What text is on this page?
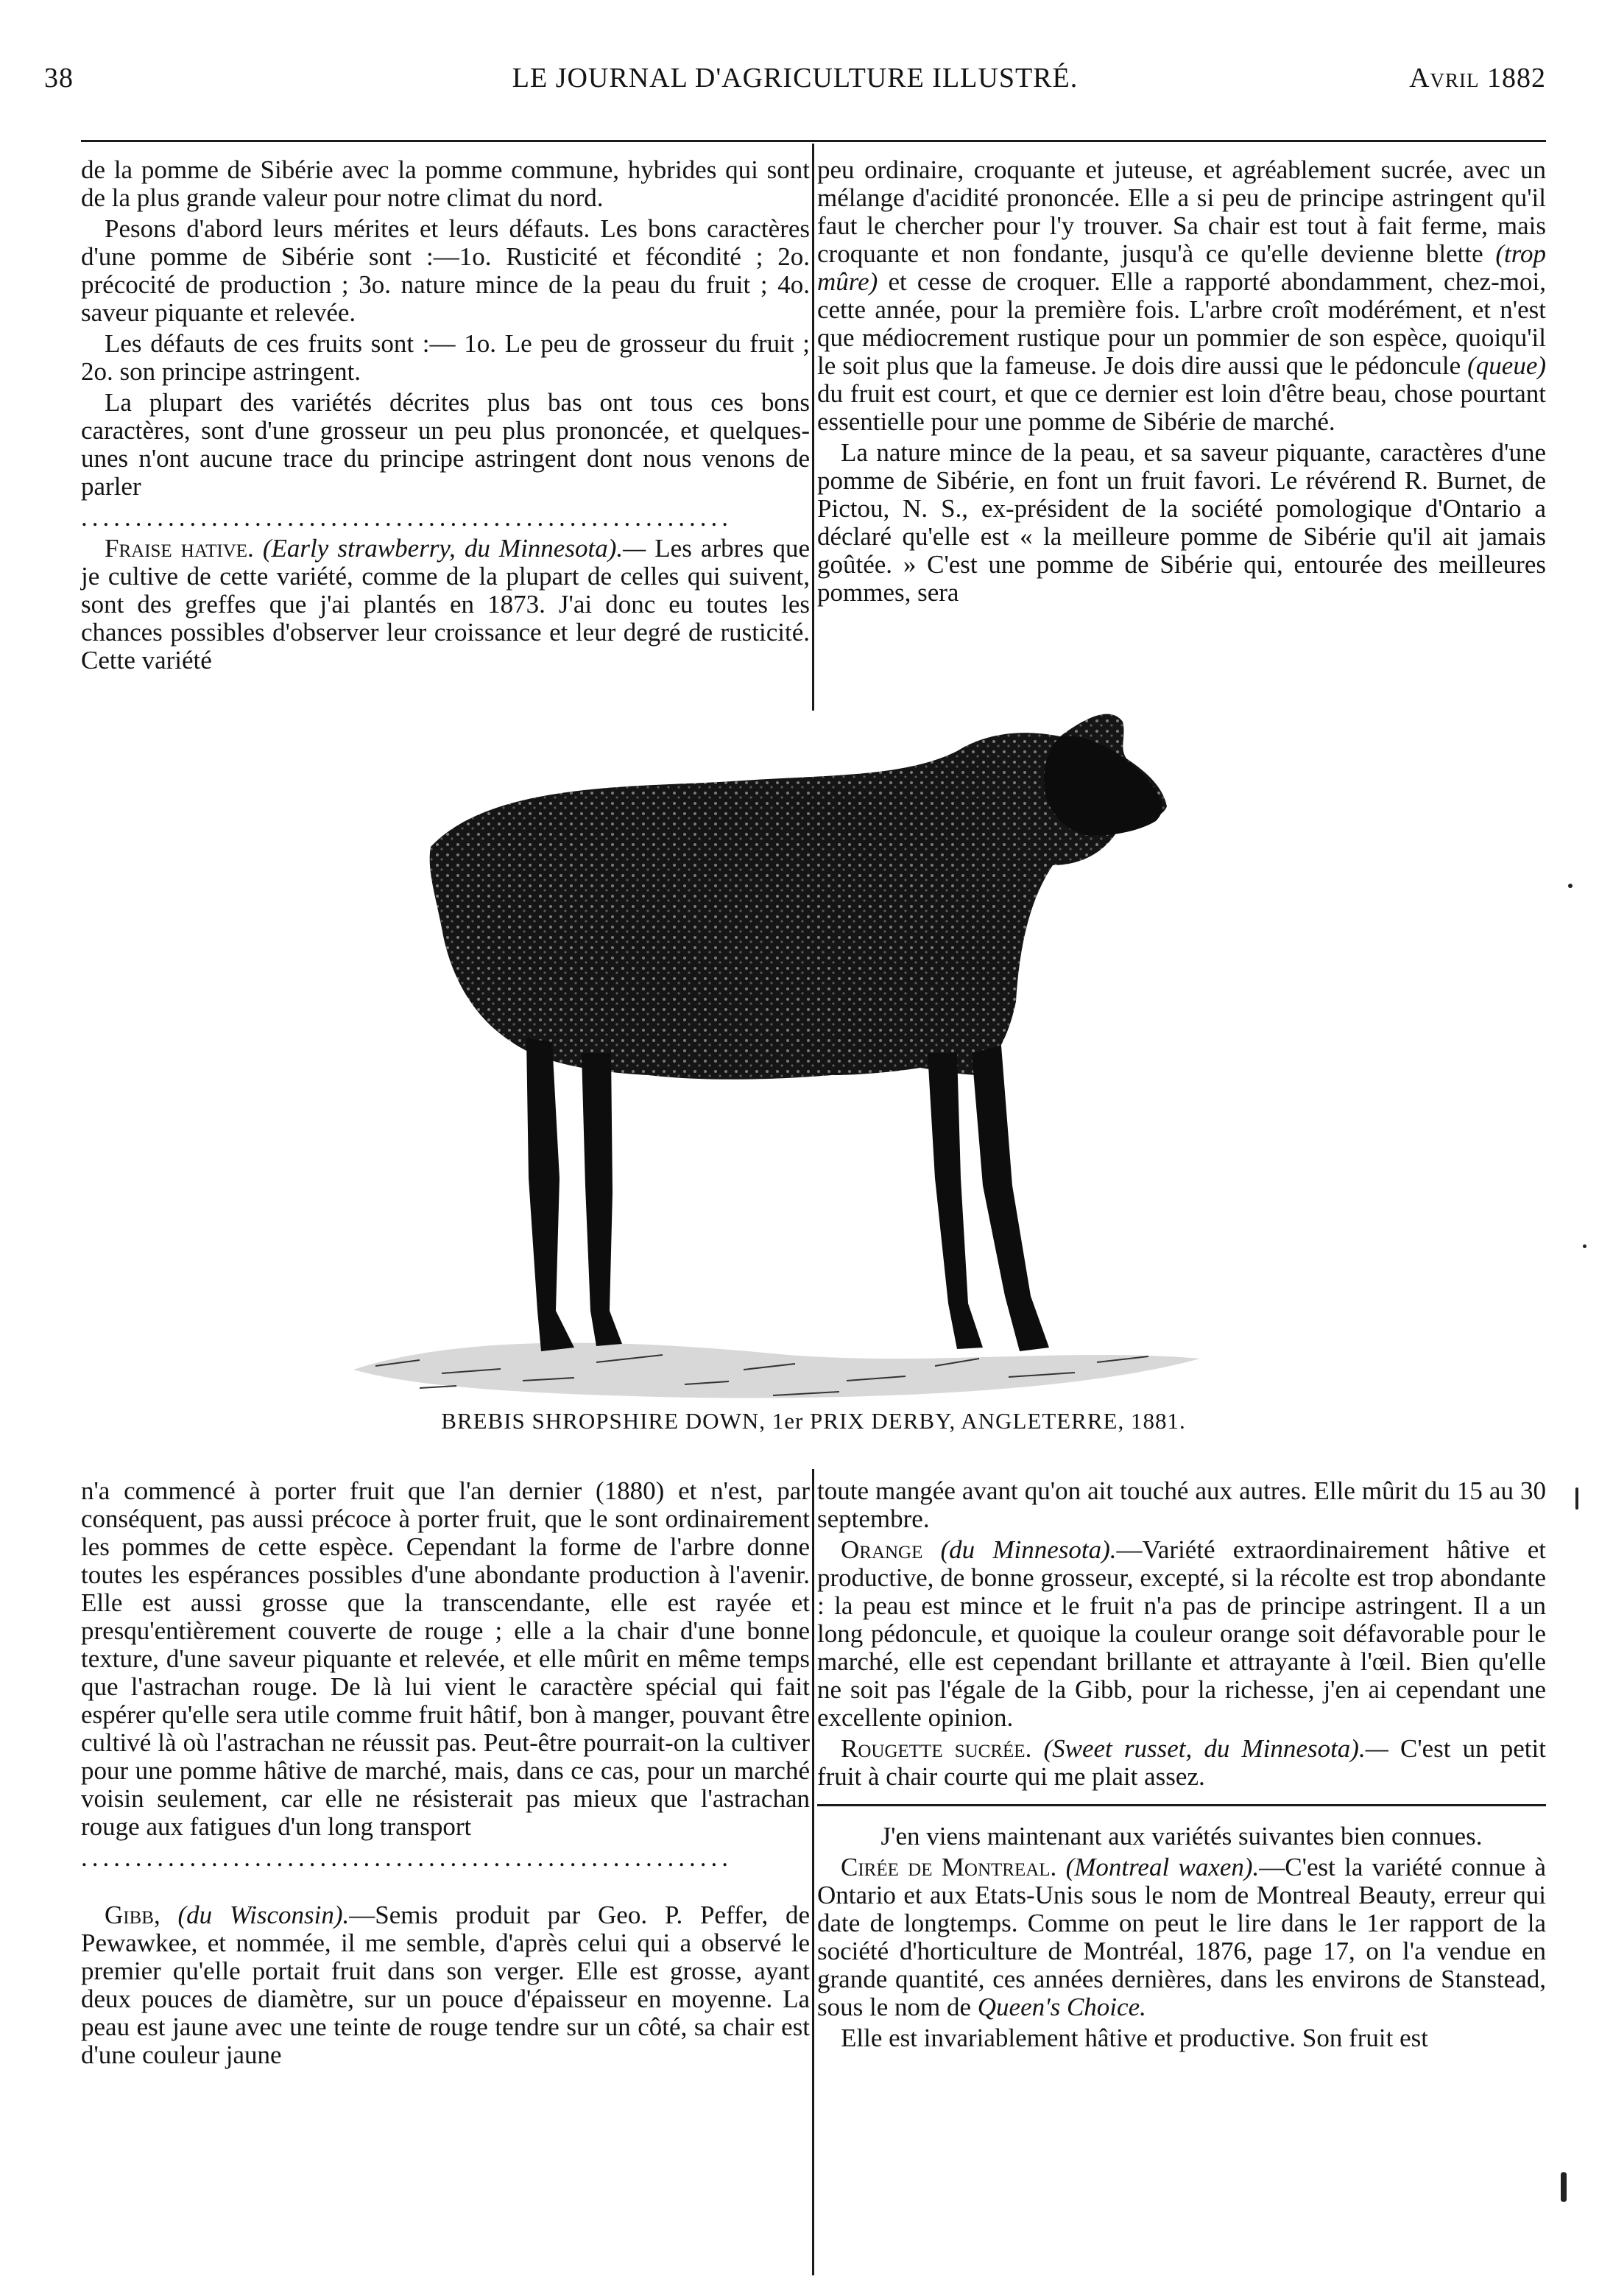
38	LE JOURNAL D'AGRICULTURE ILLUSTRÉ.	Avril 1882

de la pomme de Sibérie avec la pomme commune, hybrides qui sont de la plus grande valeur pour notre climat du nord.

Pesons d'abord leurs mérites et leurs défauts. Les bons caractères d'une pomme de Sibérie sont :—1o. Rusticité et fécondité ; 2o. précocité de production ; 3o. nature mince de la peau du fruit ; 4o. saveur piquante et relevée.

Les défauts de ces fruits sont :— 1o. Le peu de grosseur du fruit ; 2o. son principe astringent.

La plupart des variétés décrites plus bas ont tous ces bons caractères, sont d'une grosseur un peu plus prononcée, et quelques-unes n'ont aucune trace du principe astringent dont nous venons de parler

............................................................

Fraise hative. (Early strawberry, du Minnesota).— Les arbres que je cultive de cette variété, comme de la plupart de celles qui suivent, sont des greffes que j'ai plantés en 1873. J'ai donc eu toutes les chances possibles d'observer leur croissance et leur degré de rusticité. Cette variété

peu ordinaire, croquante et juteuse, et agréablement sucrée, avec un mélange d'acidité prononcée. Elle a si peu de principe astringent qu'il faut le chercher pour l'y trouver. Sa chair est tout à fait ferme, mais croquante et non fondante, jusqu'à ce qu'elle devienne blette (trop mûre) et cesse de croquer. Elle a rapporté abondamment, chez-moi, cette année, pour la première fois. L'arbre croît modérément, et n'est que médiocrement rustique pour un pommier de son espèce, quoiqu'il le soit plus que la fameuse. Je dois dire aussi que le pédoncule (queue) du fruit est court, et que ce dernier est loin d'être beau, chose pourtant essentielle pour une pomme de Sibérie de marché.

La nature mince de la peau, et sa saveur piquante, caractères d'une pomme de Sibérie, en font un fruit favori. Le révérend R. Burnet, de Pictou, N. S., ex-président de la société pomologique d'Ontario a déclaré qu'elle est « la meilleure pomme de Sibérie qu'il ait jamais goûtée. » C'est une pomme de Sibérie qui, entourée des meilleures pommes, sera

BREBIS SHROPSHIRE DOWN, 1er PRIX DERBY, ANGLETERRE, 1881.

n'a commencé à porter fruit que l'an dernier (1880) et n'est, par conséquent, pas aussi précoce à porter fruit, que le sont ordinairement les pommes de cette espèce. Cependant la forme de l'arbre donne toutes les espérances possibles d'une abondante production à l'avenir. Elle est aussi grosse que la transcendante, elle est rayée et presqu'entièrement couverte de rouge ; elle a la chair d'une bonne texture, d'une saveur piquante et relevée, et elle mûrit en même temps que l'astrachan rouge. De là lui vient le caractère spécial qui fait espérer qu'elle sera utile comme fruit hâtif, bon à manger, pouvant être cultivé là où l'astrachan ne réussit pas. Peut-être pourrait-on la cultiver pour une pomme hâtive de marché, mais, dans ce cas, pour un marché voisin seulement, car elle ne résisterait pas mieux que l'astrachan rouge aux fatigues d'un long transport

............................................................

Gibb, (du Wisconsin).—Semis produit par Geo. P. Peffer, de Pewawkee, et nommée, il me semble, d'après celui qui a observé le premier qu'elle portait fruit dans son verger. Elle est grosse, ayant deux pouces de diamètre, sur un pouce d'épaisseur en moyenne. La peau est jaune avec une teinte de rouge tendre sur un côté, sa chair est d'une couleur jaune

toute mangée avant qu'on ait touché aux autres. Elle mûrit du 15 au 30 septembre.

Orange (du Minnesota).—Variété extraordinairement hâtive et productive, de bonne grosseur, excepté, si la récolte est trop abondante : la peau est mince et le fruit n'a pas de principe astringent. Il a un long pédoncule, et quoique la couleur orange soit défavorable pour le marché, elle est cependant brillante et attrayante à l'œil. Bien qu'elle ne soit pas l'égale de la Gibb, pour la richesse, j'en ai cependant une excellente opinion.

Rougette sucrée. (Sweet russet, du Minnesota).— C'est un petit fruit à chair courte qui me plait assez.

J'en viens maintenant aux variétés suivantes bien connues.

Cirée de Montreal. (Montreal waxen).—C'est la variété connue à Ontario et aux Etats-Unis sous le nom de Montreal Beauty, erreur qui date de longtemps. Comme on peut le lire dans le 1er rapport de la société d'horticulture de Montréal, 1876, page 17, on l'a vendue en grande quantité, ces années dernières, dans les environs de Stanstead, sous le nom de Queen's Choice.

Elle est invariablement hâtive et productive. Son fruit est
